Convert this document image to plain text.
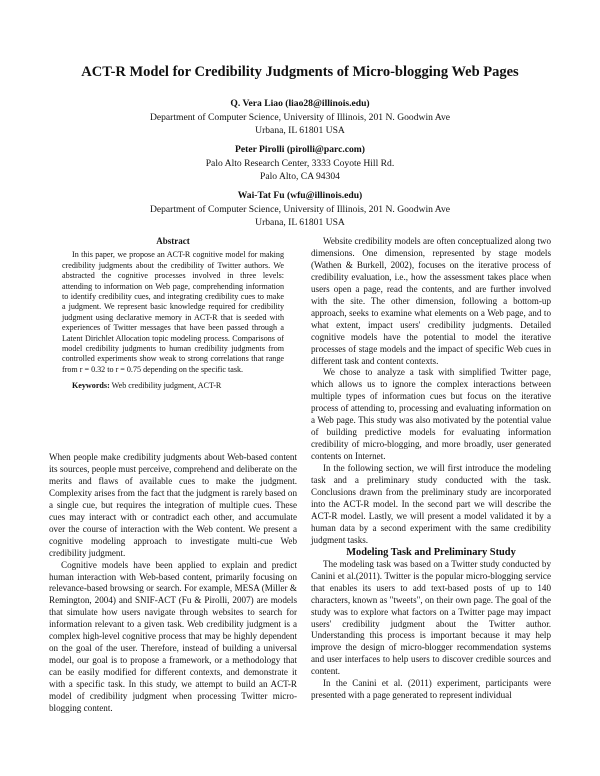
ACT-R Model for Credibility Judgments of Micro-blogging Web Pages
Q. Vera Liao (liao28@illinois.edu)
Department of Computer Science, University of Illinois, 201 N. Goodwin Ave
Urbana, IL 61801 USA
Peter Pirolli (pirolli@parc.com)
Palo Alto Research Center, 3333 Coyote Hill Rd.
Palo Alto, CA 94304
Wai-Tat Fu (wfu@illinois.edu)
Department of Computer Science, University of Illinois, 201 N. Goodwin Ave
Urbana, IL 61801 USA
Abstract

In this paper, we propose an ACT-R cognitive model for making credibility judgments about the credibility of Twitter authors. We abstracted the cognitive processes involved in three levels: attending to information on Web page, comprehending information to identify credibility cues, and integrating credibility cues to make a judgment. We represent basic knowledge required for credibility judgment using declarative memory in ACT-R that is seeded with experiences of Twitter messages that have been passed through a Latent Dirichlet Allocation topic modeling process. Comparisons of model credibility judgments to human credibility judgments from controlled experiments show weak to strong correlations that range from r = 0.32 to r = 0.75 depending on the specific task.

Keywords: Web credibility judgment, ACT-R

When people make credibility judgments about Web-based content its sources, people must perceive, comprehend and deliberate on the merits and flaws of available cues to make the judgment. Complexity arises from the fact that the judgment is rarely based on a single cue, but requires the integration of multiple cues. These cues may interact with or contradict each other, and accumulate over the course of interaction with the Web content. We present a cognitive modeling approach to investigate multi-cue Web credibility judgment.

Cognitive models have been applied to explain and predict human interaction with Web-based content, primarily focusing on relevance-based browsing or search. For example, MESA (Miller & Remington, 2004) and SNIF-ACT (Fu & Pirolli, 2007) are models that simulate how users navigate through websites to search for information relevant to a given task. Web credibility judgment is a complex high-level cognitive process that may be highly dependent on the goal of the user. Therefore, instead of building a universal model, our goal is to propose a framework, or a methodology that can be easily modified for different contexts, and demonstrate it with a specific task. In this study, we attempt to build an ACT-R model of credibility judgment when processing Twitter micro-blogging content.

Website credibility models are often conceptualized along two dimensions. One dimension, represented by stage models (Wathen & Burkell, 2002), focuses on the iterative process of credibility evaluation, i.e., how the assessment takes place when users open a page, read the contents, and are further involved with the site. The other dimension, following a bottom-up approach, seeks to examine what elements on a Web page, and to what extent, impact users' credibility judgments. Detailed cognitive models have the potential to model the iterative processes of stage models and the impact of specific Web cues in different task and content contexts.

We chose to analyze a task with simplified Twitter page, which allows us to ignore the complex interactions between multiple types of information cues but focus on the iterative process of attending to, processing and evaluating information on a Web page. This study was also motivated by the potential value of building predictive models for evaluating information credibility of micro-blogging, and more broadly, user generated contents on Internet.

In the following section, we will first introduce the modeling task and a preliminary study conducted with the task. Conclusions drawn from the preliminary study are incorporated into the ACT-R model. In the second part we will describe the ACT-R model. Lastly, we will present a model validated it by a human data by a second experiment with the same credibility judgment tasks.

Modeling Task and Preliminary Study

The modeling task was based on a Twitter study conducted by Canini et al.(2011). Twitter is the popular micro-blogging service that enables its users to add text-based posts of up to 140 characters, known as "tweets", on their own page. The goal of the study was to explore what factors on a Twitter page may impact users' credibility judgment about the Twitter author. Understanding this process is important because it may help improve the design of micro-blogger recommendation systems and user interfaces to help users to discover credible sources and content.

In the Canini et al. (2011) experiment, participants were presented with a page generated to represent individual
